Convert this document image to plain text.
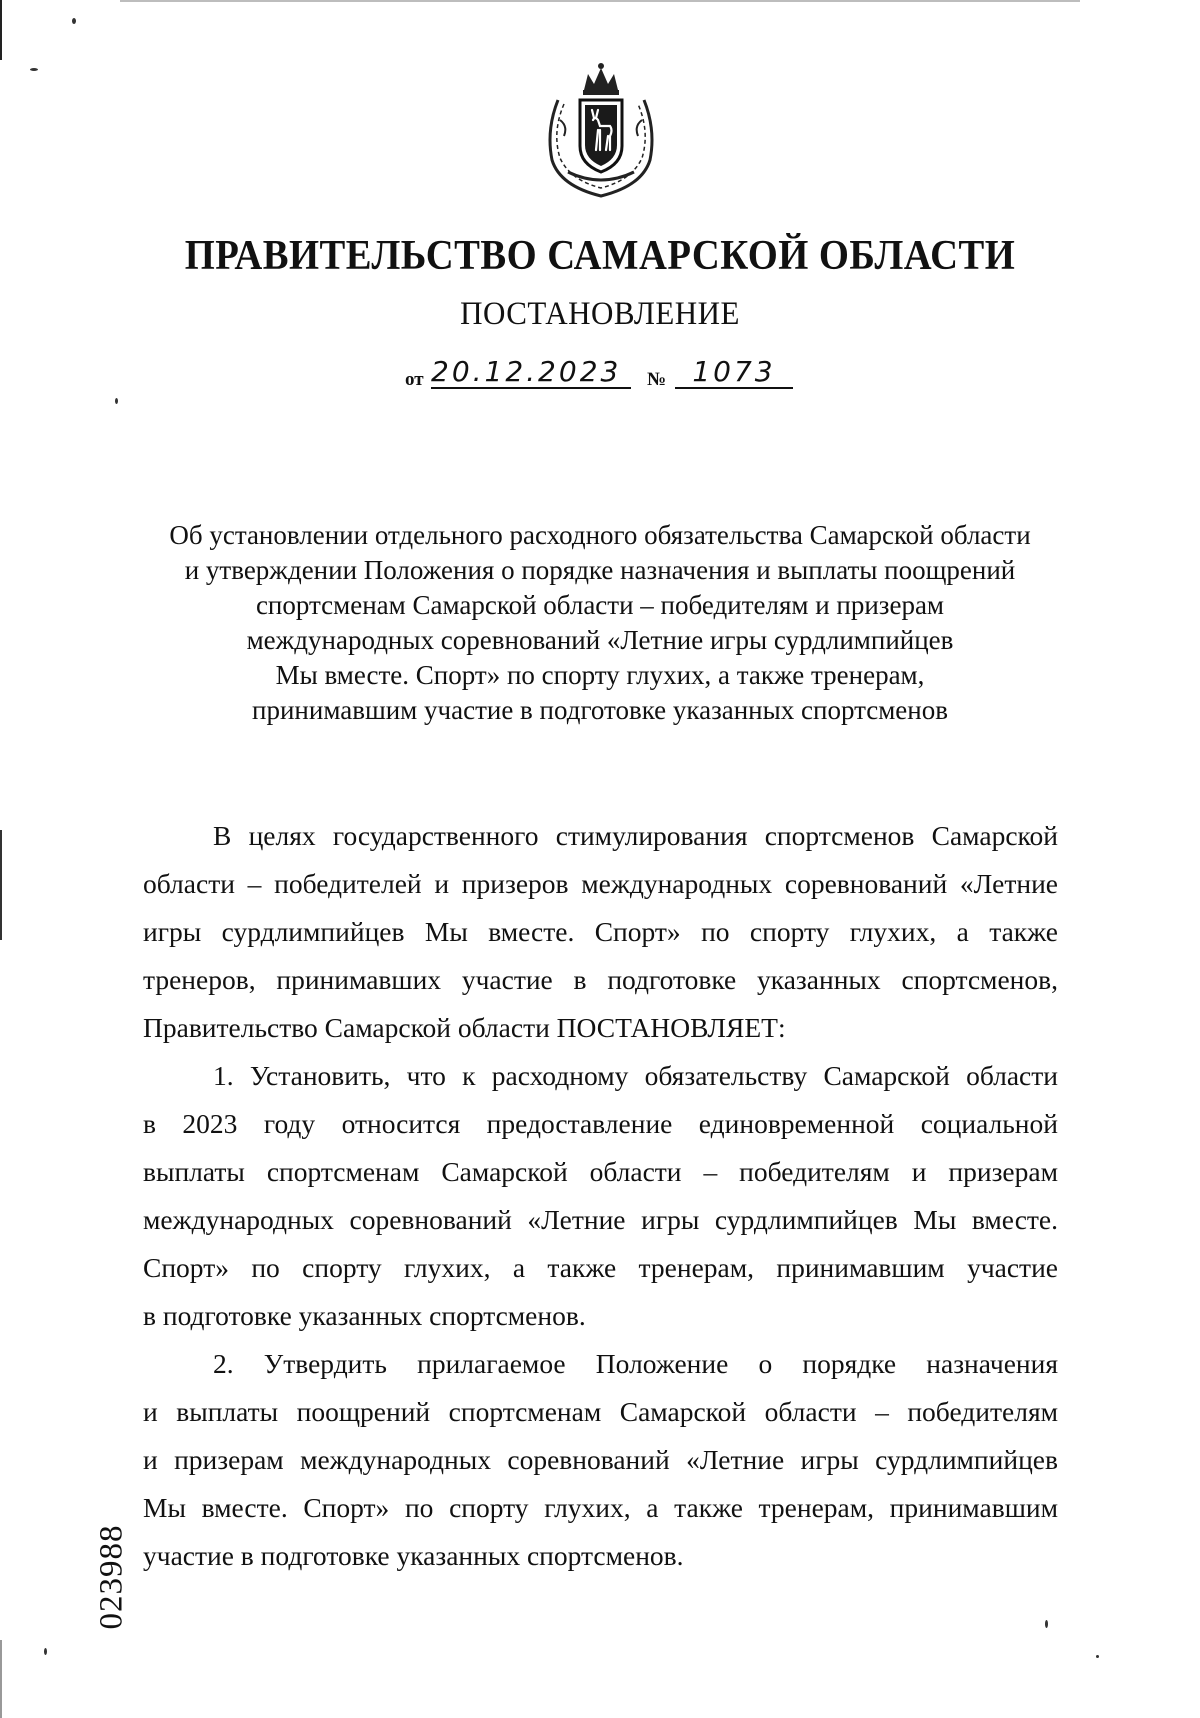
ПРАВИТЕЛЬСТВО САМАРСКОЙ ОБЛАСТИ
ПОСТАНОВЛЕНИЕ
от 20.12.2023	№ 1073
Об установлении отдельного расходного обязательства Самарской области
и утверждении Положения о порядке назначения и выплаты поощрений
спортсменам Самарской области – победителям и призерам
международных соревнований «Летние игры сурдлимпийцев
Мы вместе. Спорт» по спорту глухих, а также тренерам,
принимавшим участие в подготовке указанных спортсменов
В целях государственного стимулирования спортсменов Самарской
области – победителей и призеров международных соревнований «Летние
игры сурдлимпийцев Мы вместе. Спорт» по спорту глухих, а также
тренеров, принимавших участие в подготовке указанных спортсменов,
Правительство Самарской области ПОСТАНОВЛЯЕТ:
1. Установить, что к расходному обязательству Самарской области
в 2023 году относится предоставление единовременной социальной
выплаты спортсменам Самарской области – победителям и призерам
международных соревнований «Летние игры сурдлимпийцев Мы вместе.
Спорт» по спорту глухих, а также тренерам, принимавшим участие
в подготовке указанных спортсменов.
2. Утвердить прилагаемое Положение о порядке назначения
и выплаты поощрений спортсменам Самарской области – победителям
и призерам международных соревнований «Летние игры сурдлимпийцев
Мы вместе. Спорт» по спорту глухих, а также тренерам, принимавшим
участие в подготовке указанных спортсменов.
023988
